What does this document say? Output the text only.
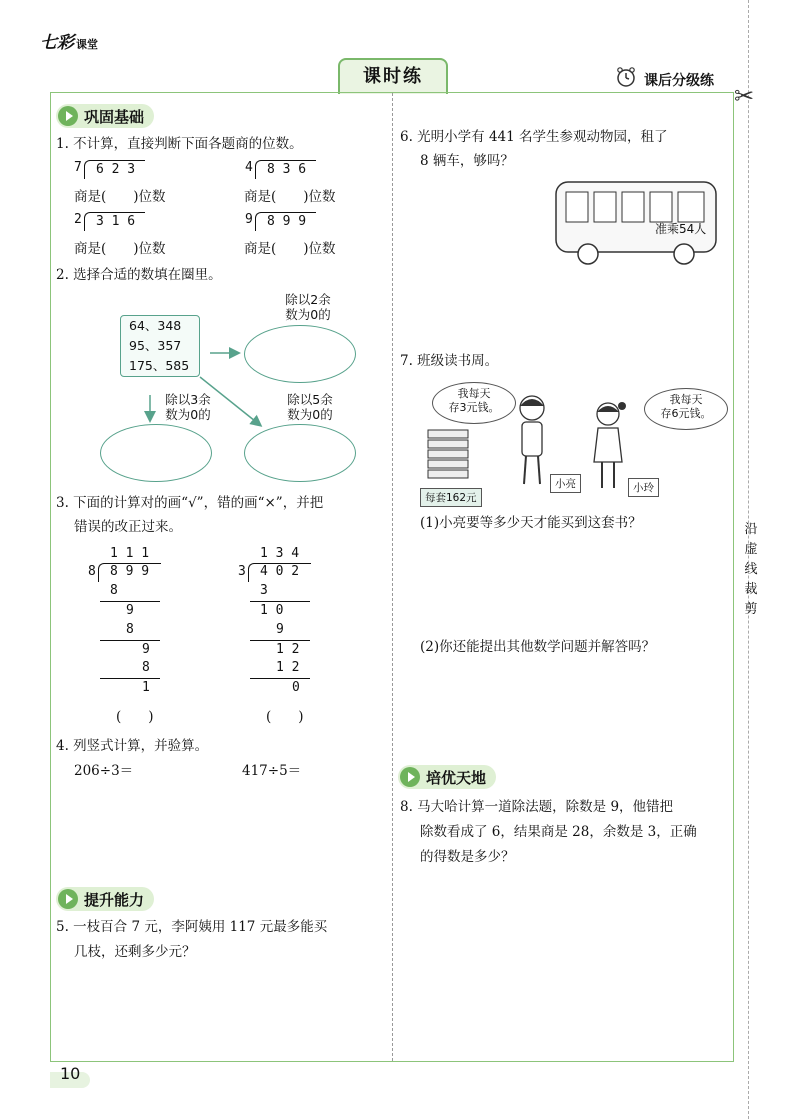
七彩 课堂
课时练	课后分级练
✂
沿虚线裁剪
巩固基础
1. 不计算，直接判断下面各题商的位数。
7 6 2 3	4 8 3 6
商是(　　)位数	商是(　　)位数
2 3 1 6	9 8 9 9
商是(　　)位数	商是(　　)位数
2. 选择合适的数填在圈里。
64、348
95、357
175、585
除以2余
数为0的
除以3余
数为0的
除以5余
数为0的
3. 下面的计算对的画“√”，错的画“×”，并把
错误的改正过来。
1 1 1
8 8 9 9
8
9
8
9
8
1
(　　)
1 3 4
3 4 0 2
3
1 0
9
1 2
1 2
0
(　　)
4. 列竖式计算，并验算。
206÷3＝	417÷5＝
提升能力
5. 一枝百合 7 元，李阿姨用 117 元最多能买
几枝，还剩多少元？
6. 光明小学有 441 名学生参观动物园，租了
8 辆车，够吗？
准乘54人
7. 班级读书周。
我每天
存3元钱。
我每天
存6元钱。
每套162元
小亮	小玲
(1)小亮要等多少天才能买到这套书？
(2)你还能提出其他数学问题并解答吗？
培优天地
8. 马大哈计算一道除法题，除数是 9，他错把
除数看成了 6，结果商是 28，余数是 3，正确
的得数是多少？
10
